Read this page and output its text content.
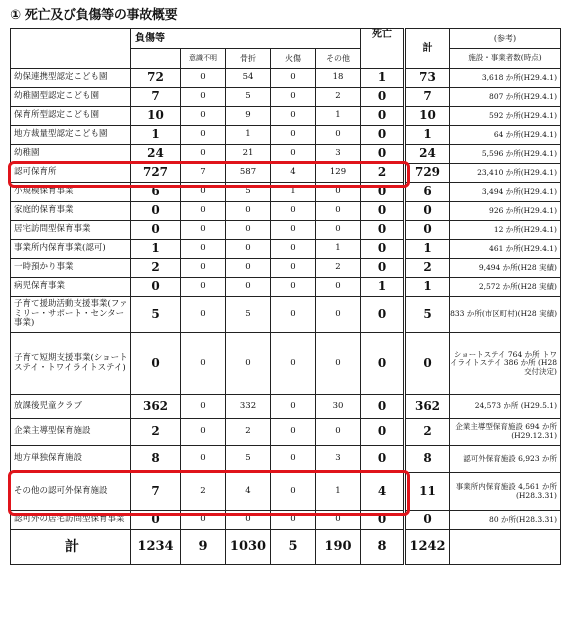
① 死亡及び負傷等の事故概要
	負傷等					死亡	計	(参考)
		意識不明	骨折	火傷	その他			施設・事業者数(時点)
幼保連携型認定こども園	72	0	54	0	18	1	73	3,618 か所(H29.4.1)
幼稚園型認定こども園	7	0	5	0	2	0	7	807 か所(H29.4.1)
保育所型認定こども園	10	0	9	0	1	0	10	592 か所(H29.4.1)
地方裁量型認定こども園	1	0	1	0	0	0	1	64 か所(H29.4.1)
幼稚園	24	0	21	0	3	0	24	5,596 か所(H29.4.1)
認可保育所	727	7	587	4	129	2	729	23,410 か所(H29.4.1)
小規模保育事業	6	0	5	1	0	0	6	3,494 か所(H29.4.1)
家庭的保育事業	0	0	0	0	0	0	0	926 か所(H29.4.1)
居宅訪問型保育事業	0	0	0	0	0	0	0	12 か所(H29.4.1)
事業所内保育事業(認可)	1	0	0	0	1	0	1	461 か所(H29.4.1)
一時預かり事業	2	0	0	0	2	0	2	9,494 か所(H28 実績)
病児保育事業	0	0	0	0	0	1	1	2,572 か所(H28 実績)
子育て援助活動支援事業(ファミリー・サポート・センター事業)	5	0	5	0	0	0	5	833 か所(市区町村)(H28 実績)
子育て短期支援事業(ショートステイ・トワイライトステイ)	0	0	0	0	0	0	0	ショートステイ 764 か所 トワイライトステイ 386 か所 (H28 交付決定)
放課後児童クラブ	362	0	332	0	30	0	362	24,573 か所 (H29.5.1)
企業主導型保育施設	2	0	2	0	0	0	2	企業主導型保育施設 694 か所(H29.12.31)
地方単独保育施設	8	0	5	0	3	0	8	認可外保育施設 6,923 か所
その他の認可外保育施設	7	2	4	0	1	4	11	事業所内保育施設 4,561 か所 (H28.3.31)
認可外の居宅訪問型保育事業	0	0	0	0	0	0	0	80 か所(H28.3.31)
計	1234	9	1030	5	190	8	1242	
